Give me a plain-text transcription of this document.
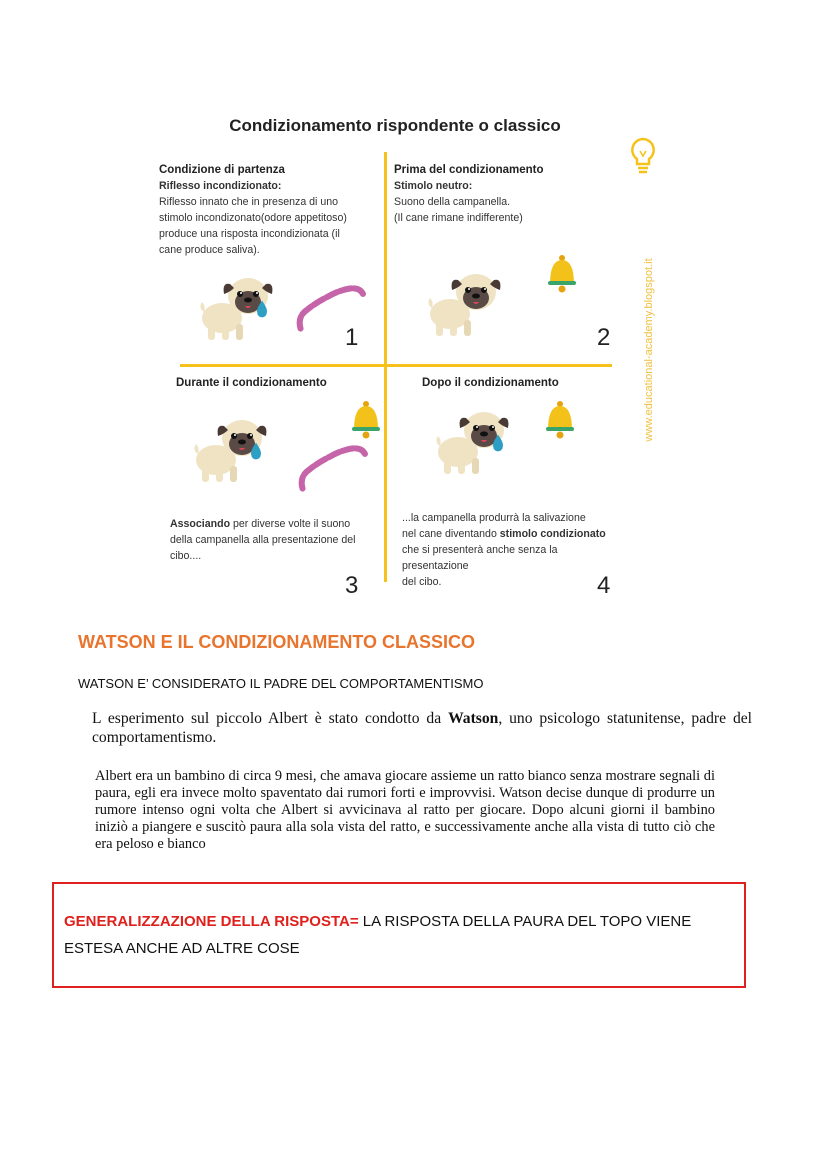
Condizionamento rispondente o classico
www.educational-academy.blogspot.it
Condizione di partenza
Riflesso incondizionato:
Riflesso innato che in presenza di uno
stimolo incondizonato(odore appetitoso)
produce una risposta incondizionata (il
cane produce saliva).
1
Prima del condizionamento
Stimolo neutro:
Suono della campanella.
(Il cane rimane indifferente)
2
Durante il condizionamento
Associando per diverse volte il suono
della campanella alla presentazione del
cibo....
3
Dopo il condizionamento
...la campanella produrrà la salivazione
nel cane diventando stimolo condizionato
che si presenterà anche senza la
presentazione
del cibo.	4
WATSON E IL CONDIZIONAMENTO CLASSICO
WATSON E’ CONSIDERATO IL PADRE DEL COMPORTAMENTISMO
L esperimento sul piccolo Albert è stato condotto da Watson, uno psicologo statunitense, padre del comportamentismo.
Albert era un bambino di circa 9 mesi, che amava giocare assieme un ratto bianco senza mostrare segnali di paura, egli era invece molto spaventato dai rumori forti e improvvisi. Watson decise dunque di produrre un rumore intenso ogni volta che Albert si avvicinava al ratto per giocare. Dopo alcuni giorni il bambino iniziò a piangere e suscitò paura alla sola vista del ratto, e successivamente anche alla vista di tutto ciò che era peloso e bianco
GENERALIZZAZIONE DELLA RISPOSTA= LA RISPOSTA DELLA PAURA DEL TOPO VIENE ESTESA ANCHE AD ALTRE COSE
